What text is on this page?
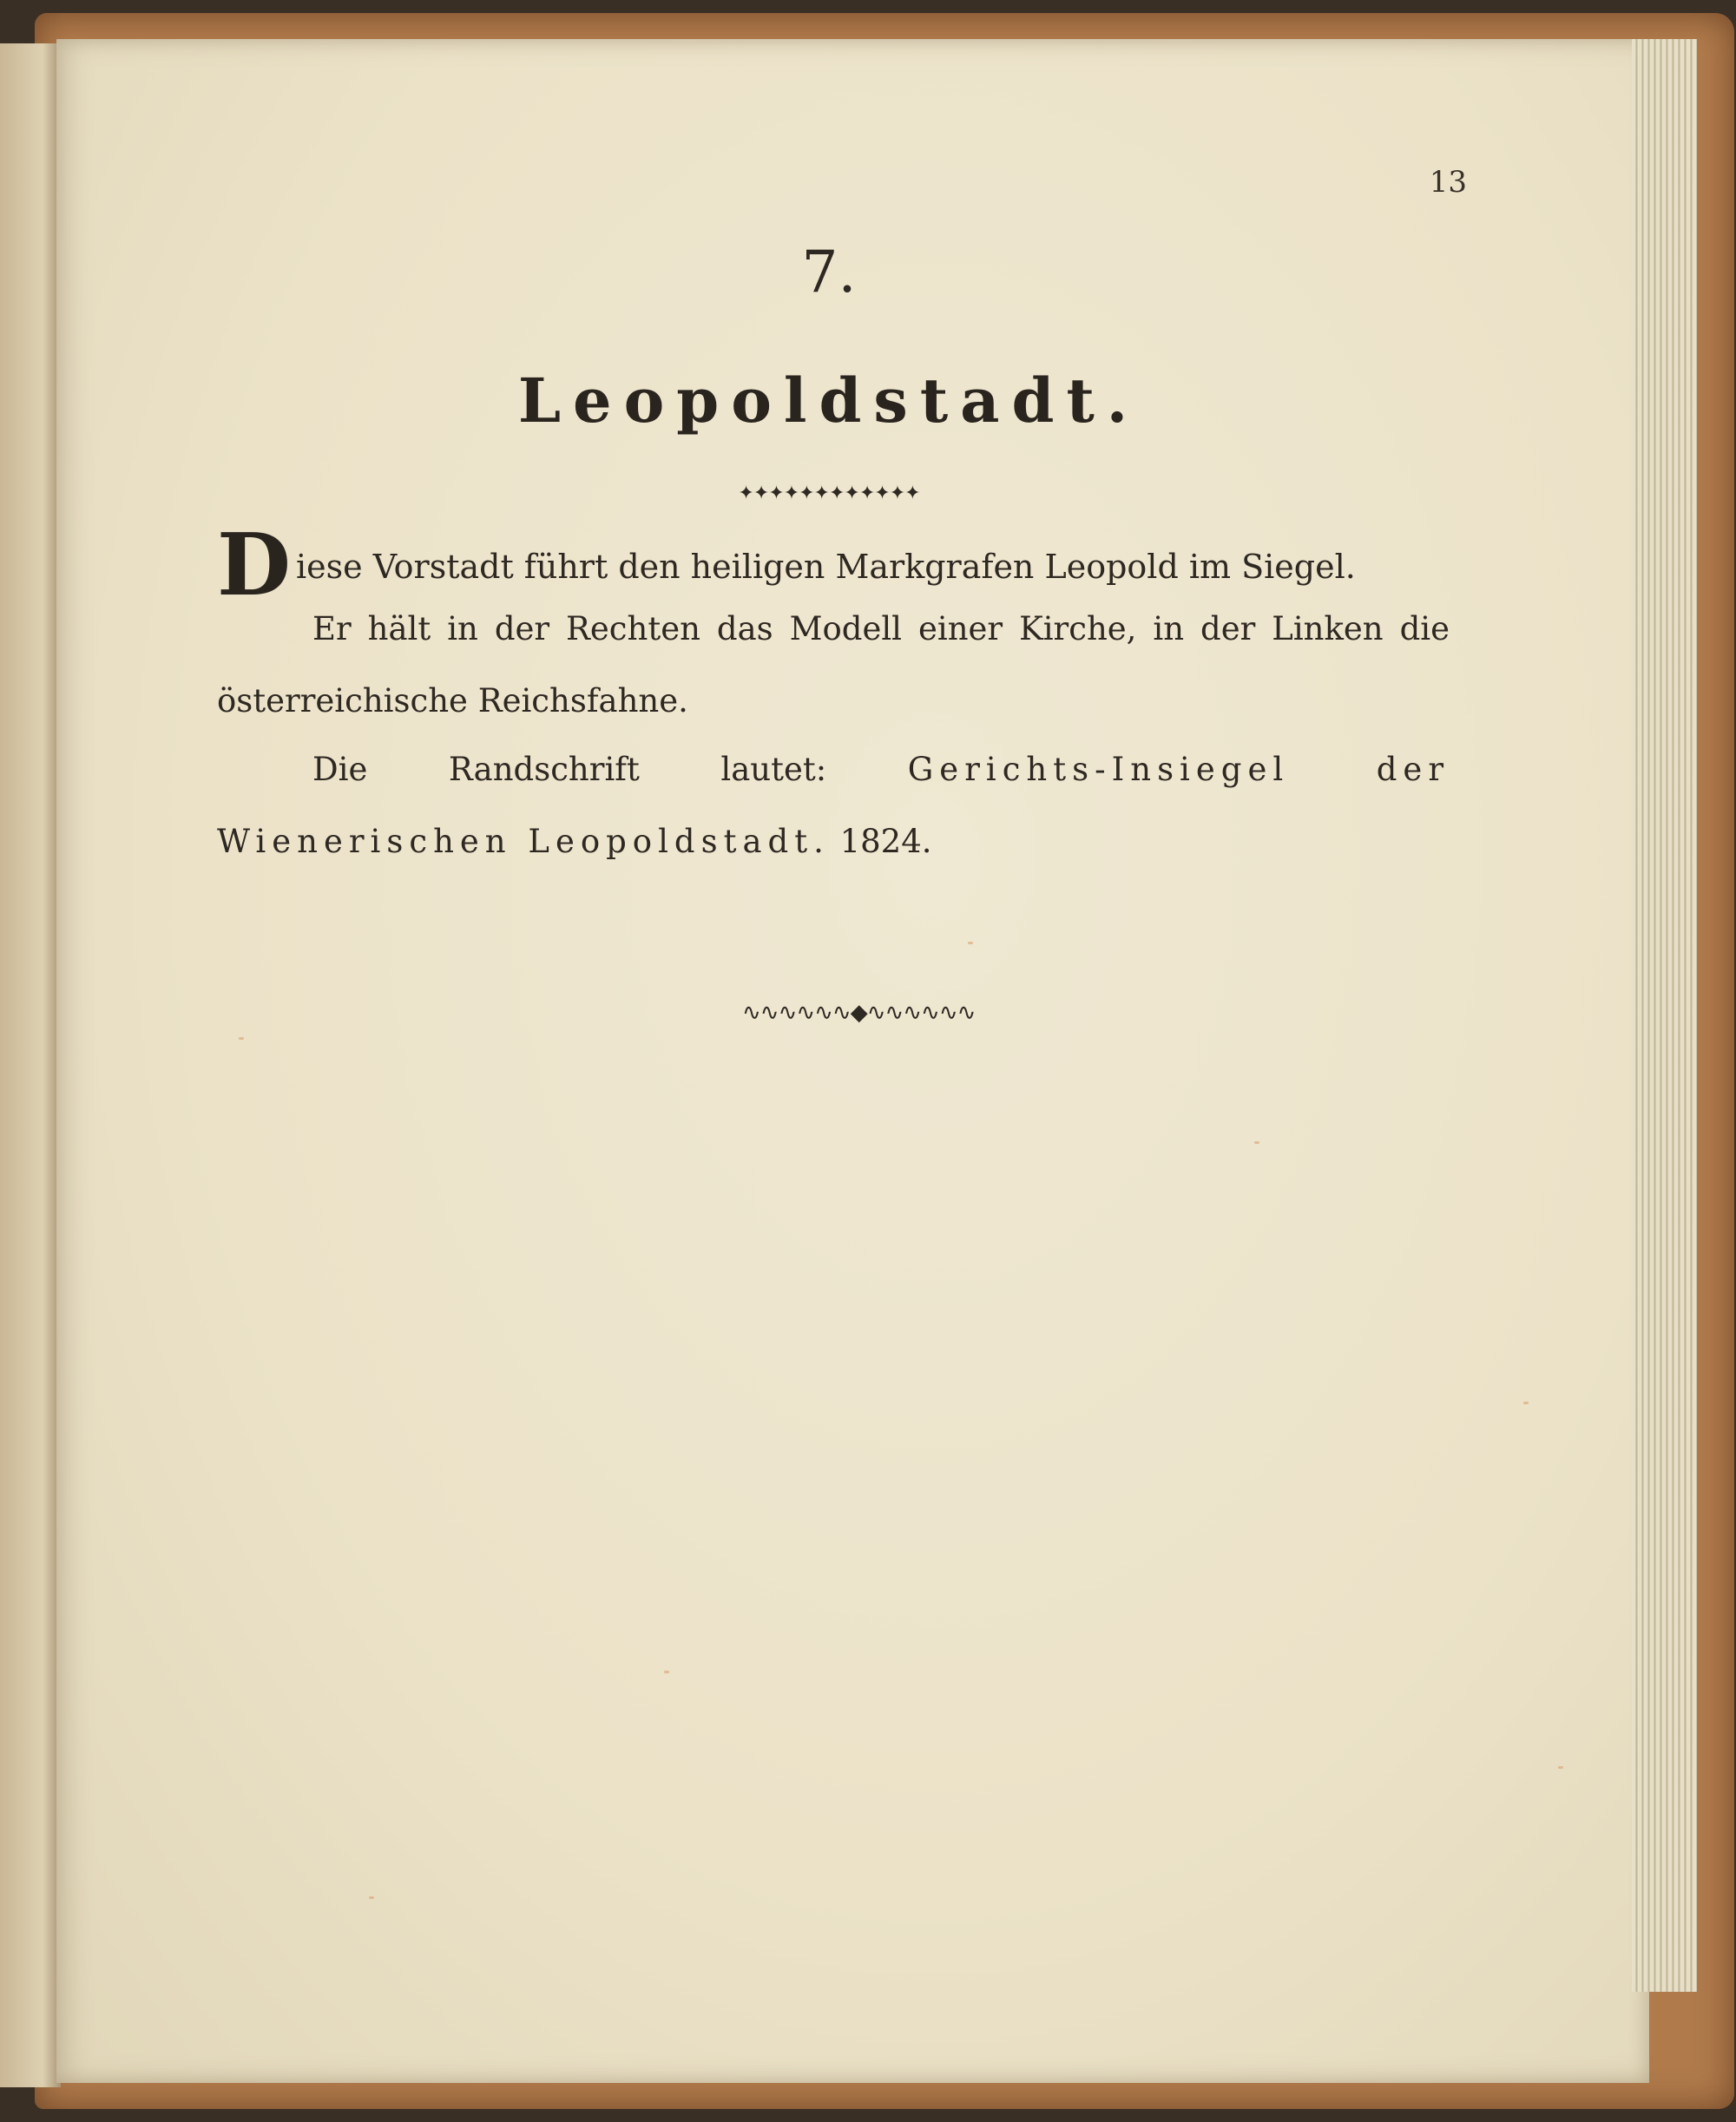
13
7.
Leopoldstadt.
✦✦✦✦✦✦✦✦✦✦✦✦
D iese Vorstadt führt den heiligen Markgrafen Leopold im Siegel.
Er hält in der Rechten das Modell einer Kirche, in der Linken die österreichische Reichsfahne.
Die Randschrift lautet: Gerichts-Insiegel der Wienerischen Leopoldstadt. 1824.
∿∿∿∿∿∿◆∿∿∿∿∿∿
